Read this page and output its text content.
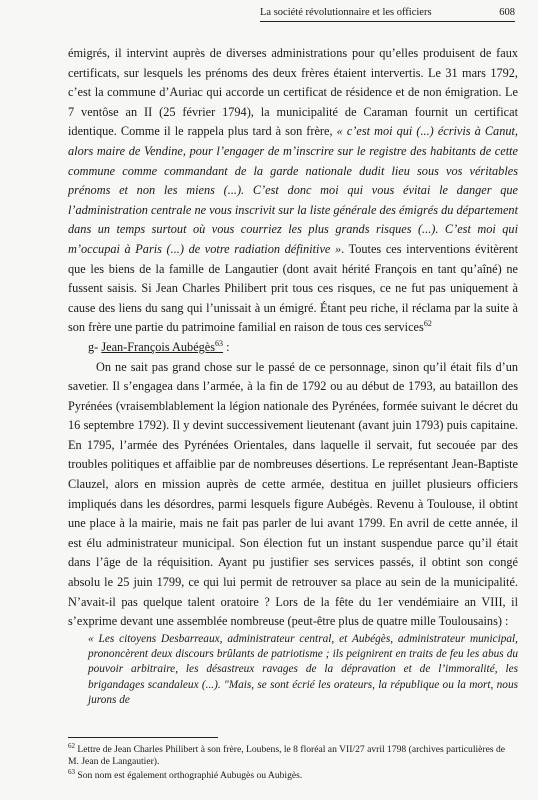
La société révolutionnaire et les officiers	608

émigrés, il intervint auprès de diverses administrations pour qu’elles produisent de faux certificats, sur lesquels les prénoms des deux frères étaient intervertis. Le 31 mars 1792, c’est la commune d’Auriac qui accorde un certificat de résidence et de non émigration. Le 7 ventôse an II (25 février 1794), la municipalité de Caraman fournit un certificat identique. Comme il le rappela plus tard à son frère, « c’est moi qui (...) écrivis à Canut, alors maire de Vendine, pour l’engager de m’inscrire sur le registre des habitants de cette commune comme commandant de la garde nationale dudit lieu sous vos véritables prénoms et non les miens (...). C’est donc moi qui vous évitai le danger que l’administration centrale ne vous inscrivit sur la liste générale des émigrés du département dans un temps surtout où vous courriez les plus grands risques (...). C’est moi qui m’occupai à Paris (...) de votre radiation définitive ». Toutes ces interventions évitèrent que les biens de la famille de Langautier (dont avait hérité François en tant qu’aîné) ne fussent saisis. Si Jean Charles Philibert prit tous ces risques, ce ne fut pas uniquement à cause des liens du sang qui l’unissait à un émigré. Étant peu riche, il réclama par la suite à son frère une partie du patrimoine familial en raison de tous ces services$^{62}$

g- Jean-François Aubégès$^{63}$ :

On ne sait pas grand chose sur le passé de ce personnage, sinon qu’il était fils d’un savetier. Il s’engagea dans l’armée, à la fin de 1792 ou au début de 1793, au bataillon des Pyrénées (vraisemblablement la légion nationale des Pyrénées, formée suivant le décret du 16 septembre 1792). Il y devint successivement lieutenant (avant juin 1793) puis capitaine. En 1795, l’armée des Pyrénées Orientales, dans laquelle il servait, fut secouée par des troubles politiques et affaiblie par de nombreuses désertions. Le représentant Jean-Baptiste Clauzel, alors en mission auprès de cette armée, destitua en juillet plusieurs officiers impliqués dans les désordres, parmi lesquels figure Aubégès. Revenu à Toulouse, il obtint une place à la mairie, mais ne fait pas parler de lui avant 1799. En avril de cette année, il est élu administrateur municipal. Son élection fut un instant suspendue parce qu’il était dans l’âge de la réquisition. Ayant pu justifier ses services passés, il obtint son congé absolu le 25 juin 1799, ce qui lui permit de retrouver sa place au sein de la municipalité. N’avait-il pas quelque talent oratoire ? Lors de la fête du 1er vendémiaire an VIII, il s’exprime devant une assemblée nombreuse (peut-être plus de quatre mille Toulousains) :

« Les citoyens Desbarreaux, administrateur central, et Aubégès, administrateur municipal, prononcèrent deux discours brûlants de patriotisme ; ils peignirent en traits de feu les abus du pouvoir arbitraire, les désastreux ravages de la dépravation et de l’immoralité, les brigandages scandaleux (...). "Mais, se sont écrié les orateurs, la république ou la mort, nous jurons de

$^{62}$ Lettre de Jean Charles Philibert à son frère, Loubens, le 8 floréal an VII/27 avril 1798 (archives particulières de M. Jean de Langautier).

$^{63}$ Son nom est également orthographié Aubugès ou Aubigès.
